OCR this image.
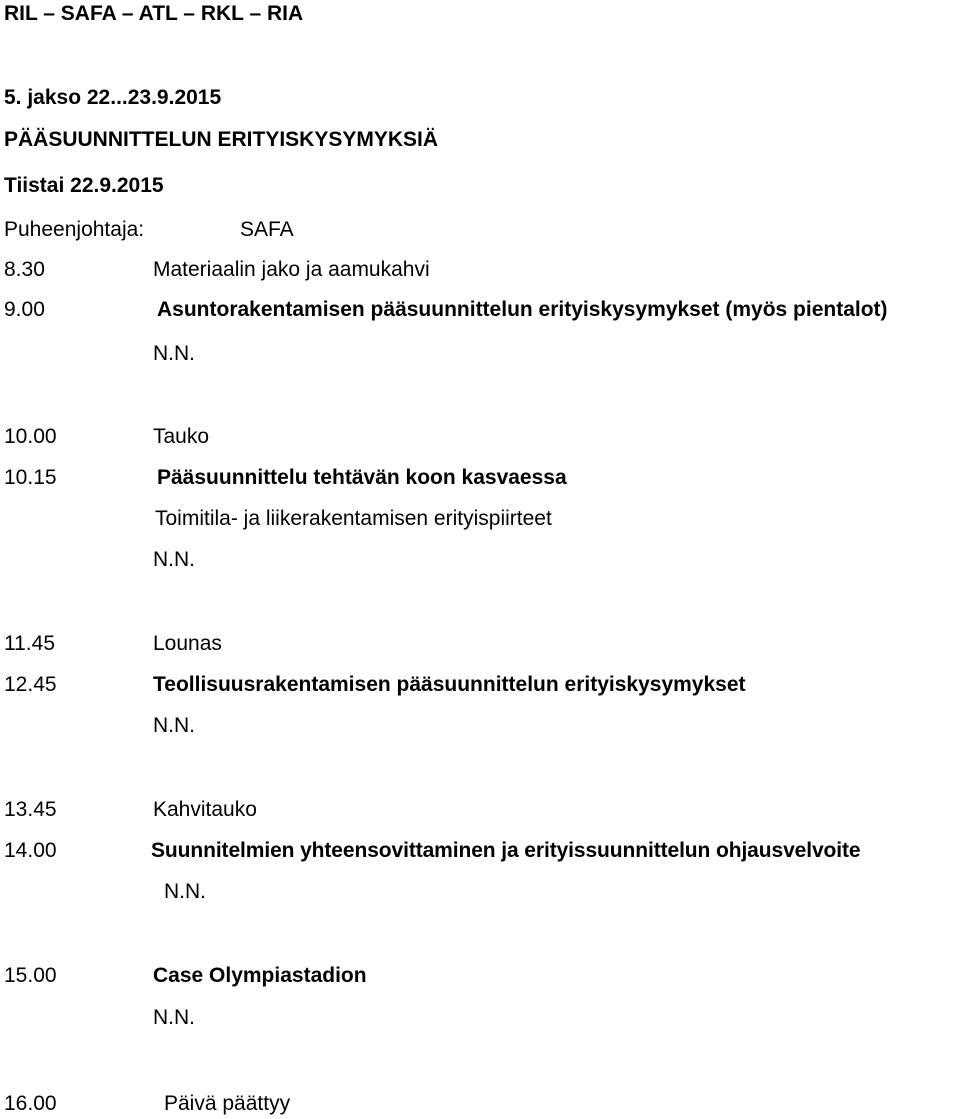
RIL – SAFA – ATL – RKL – RIA
5. jakso 22...23.9.2015
PÄÄSUUNNITTELUN ERITYISKYSYMYKSIÄ
Tiistai 22.9.2015
Puheenjohtaja:	SAFA
8.30	Materiaalin jako ja aamukahvi
9.00	Asuntorakentamisen pääsuunnittelun erityiskysymykset (myös pientalot)
N.N.
10.00	Tauko
10.15	Pääsuunnittelu tehtävän koon kasvaessa
Toimitila- ja liikerakentamisen erityispiirteet
N.N.
11.45	Lounas
12.45	Teollisuusrakentamisen pääsuunnittelun erityiskysymykset
N.N.
13.45	Kahvitauko
14.00	Suunnitelmien yhteensovittaminen ja erityissuunnittelun ohjausvelvoite
N.N.
15.00	Case Olympiastadion
N.N.
16.00	Päivä päättyy
